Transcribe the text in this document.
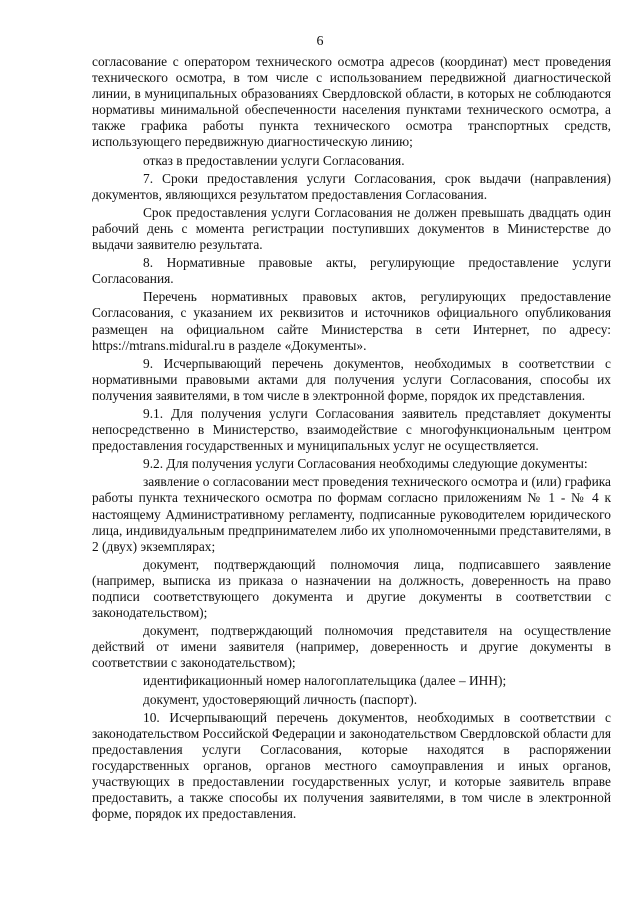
6

согласование с оператором технического осмотра адресов (координат) мест проведения технического осмотра, в том числе с использованием передвижной диагностической линии, в муниципальных образованиях Свердловской области, в которых не соблюдаются нормативы минимальной обеспеченности населения пунктами технического осмотра, а также графика работы пункта технического осмотра транспортных средств, использующего передвижную диагностическую линию;

отказ в предоставлении услуги Согласования.

7. Сроки предоставления услуги Согласования, срок выдачи (направления) документов, являющихся результатом предоставления Согласования.

Срок предоставления услуги Согласования не должен превышать двадцать один рабочий день с момента регистрации поступивших документов в Министерстве до выдачи заявителю результата.

8. Нормативные правовые акты, регулирующие предоставление услуги Согласования.

Перечень нормативных правовых актов, регулирующих предоставление Согласования, с указанием их реквизитов и источников официального опубликования размещен на официальном сайте Министерства в сети Интернет, по адресу: https://mtrans.midural.ru в разделе «Документы».

9. Исчерпывающий перечень документов, необходимых в соответствии с нормативными правовыми актами для получения услуги Согласования, способы их получения заявителями, в том числе в электронной форме, порядок их представления.

9.1. Для получения услуги Согласования заявитель представляет документы непосредственно в Министерство, взаимодействие с многофункциональным центром предоставления государственных и муниципальных услуг не осуществляется.

9.2. Для получения услуги Согласования необходимы следующие документы:

заявление о согласовании мест проведения технического осмотра и (или) графика работы пункта технического осмотра по формам согласно приложениям № 1 - № 4 к настоящему Административному регламенту, подписанные руководителем юридического лица, индивидуальным предпринимателем либо их уполномоченными представителями, в 2 (двух) экземплярах;

документ, подтверждающий полномочия лица, подписавшего заявление (например, выписка из приказа о назначении на должность, доверенность на право подписи соответствующего документа и другие документы в соответствии с законодательством);

документ, подтверждающий полномочия представителя на осуществление действий от имени заявителя (например, доверенность и другие документы в соответствии с законодательством);

идентификационный номер налогоплательщика (далее – ИНН);

документ, удостоверяющий личность (паспорт).

10. Исчерпывающий перечень документов, необходимых в соответствии с законодательством Российской Федерации и законодательством Свердловской области для предоставления услуги Согласования, которые находятся в распоряжении государственных органов, органов местного самоуправления и иных органов, участвующих в предоставлении государственных услуг, и которые заявитель вправе предоставить, а также способы их получения заявителями, в том числе в электронной форме, порядок их предоставления.
